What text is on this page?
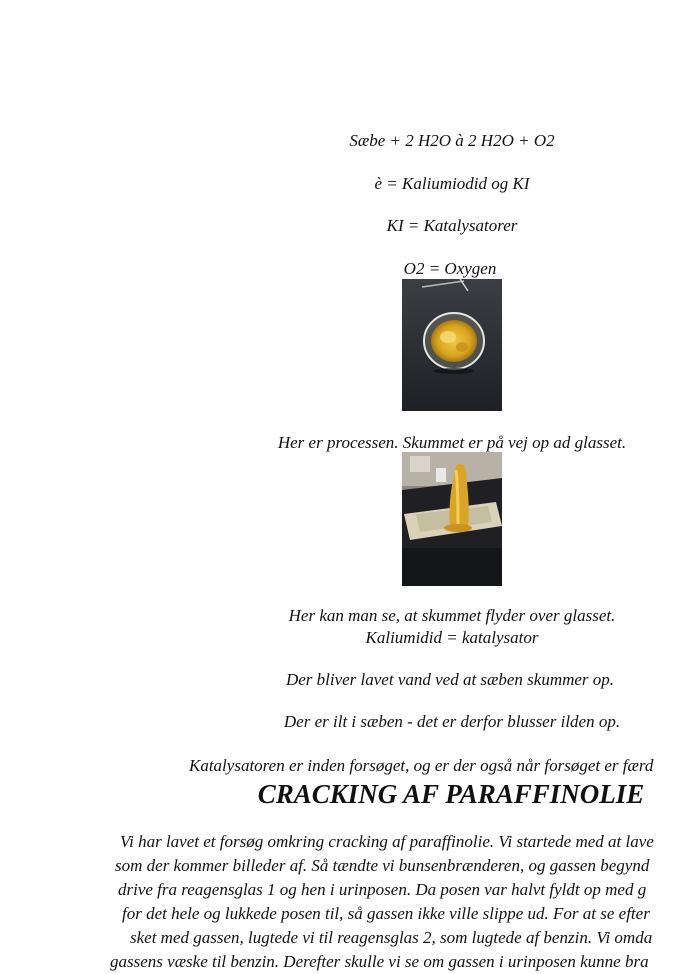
Sæbe + 2 H2O à 2 H2O + O2
è = Kaliumiodid og KI
KI = Katalysatorer
O2 = Oxygen
Her er processen. Skummet er på vej op ad glasset.
Her kan man se, at skummet flyder over glasset.
Kaliumidid = katalysator
Der bliver lavet vand ved at sæben skummer op.
Der er ilt i sæben - det er derfor blusser ilden op.
Katalysatoren er inden forsøget, og er der også når forsøget er færd
CRACKING AF PARAFFINOLIE
Vi har lavet et forsøg omkring cracking af paraffinolie. Vi startede med at lave
som der kommer billeder af. Så tændte vi bunsenbrænderen, og gassen begynd
drive fra reagensglas 1 og hen i urinposen. Da posen var halvt fyldt op med g
for det hele og lukkede posen til, så gassen ikke ville slippe ud. For at se efter
sket med gassen, lugtede vi til reagensglas 2, som lugtede af benzin. Vi omda
gassens væske til benzin. Derefter skulle vi se om gassen i urinposen kunne bra
